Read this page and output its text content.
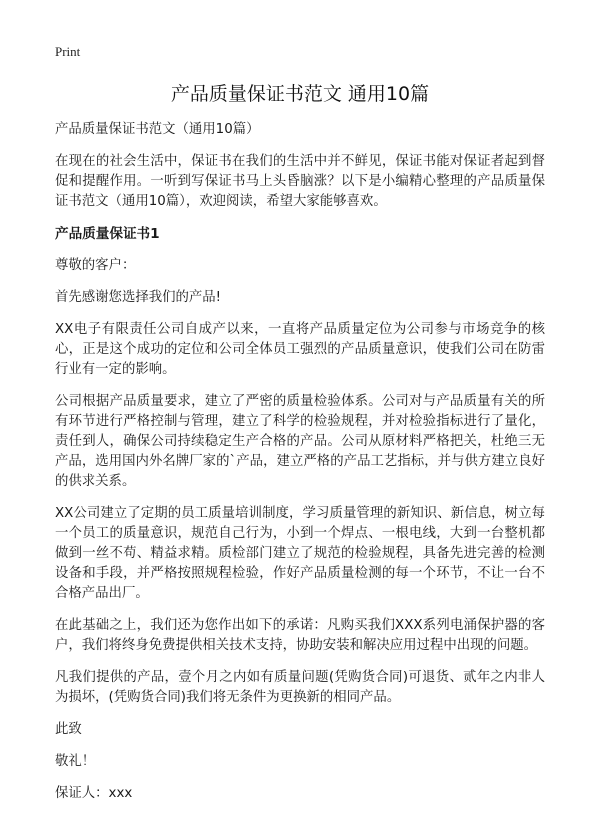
Print
产品质量保证书范文 通用10篇

产品质量保证书范文（通用10篇）

在现在的社会生活中，保证书在我们的生活中并不鲜见，保证书能对保证者起到督促和提醒作用。一听到写保证书马上头昏脑涨？以下是小编精心整理的产品质量保证书范文（通用10篇），欢迎阅读，希望大家能够喜欢。

产品质量保证书1

尊敬的客户：

首先感谢您选择我们的产品!

XX电子有限责任公司自成产以来，一直将产品质量定位为公司参与市场竞争的核心，正是这个成功的定位和公司全体员工强烈的产品质量意识，使我们公司在防雷行业有一定的影响。

公司根据产品质量要求，建立了严密的质量检验体系。公司对与产品质量有关的所有环节进行严格控制与管理，建立了科学的检验规程，并对检验指标进行了量化，责任到人，确保公司持续稳定生产合格的产品。公司从原材料严格把关，杜绝三无产品，选用国内外名牌厂家的`产品，建立严格的产品工艺指标，并与供方建立良好的供求关系。

XX公司建立了定期的员工质量培训制度，学习质量管理的新知识、新信息，树立每一个员工的质量意识，规范自己行为，小到一个焊点、一根电线，大到一台整机都做到一丝不苟、精益求精。质检部门建立了规范的检验规程，具备先进完善的检测设备和手段，并严格按照规程检验，作好产品质量检测的每一个环节，不让一台不合格产品出厂。

在此基础之上，我们还为您作出如下的承诺：凡购买我们XXX系列电涌保护器的客户，我们将终身免费提供相关技术支持，协助安装和解决应用过程中出现的问题。

凡我们提供的产品，壹个月之内如有质量问题(凭购货合同)可退货、贰年之内非人为损坏，(凭购货合同)我们将无条件为更换新的相同产品。

此致

敬礼！

保证人：xxx
